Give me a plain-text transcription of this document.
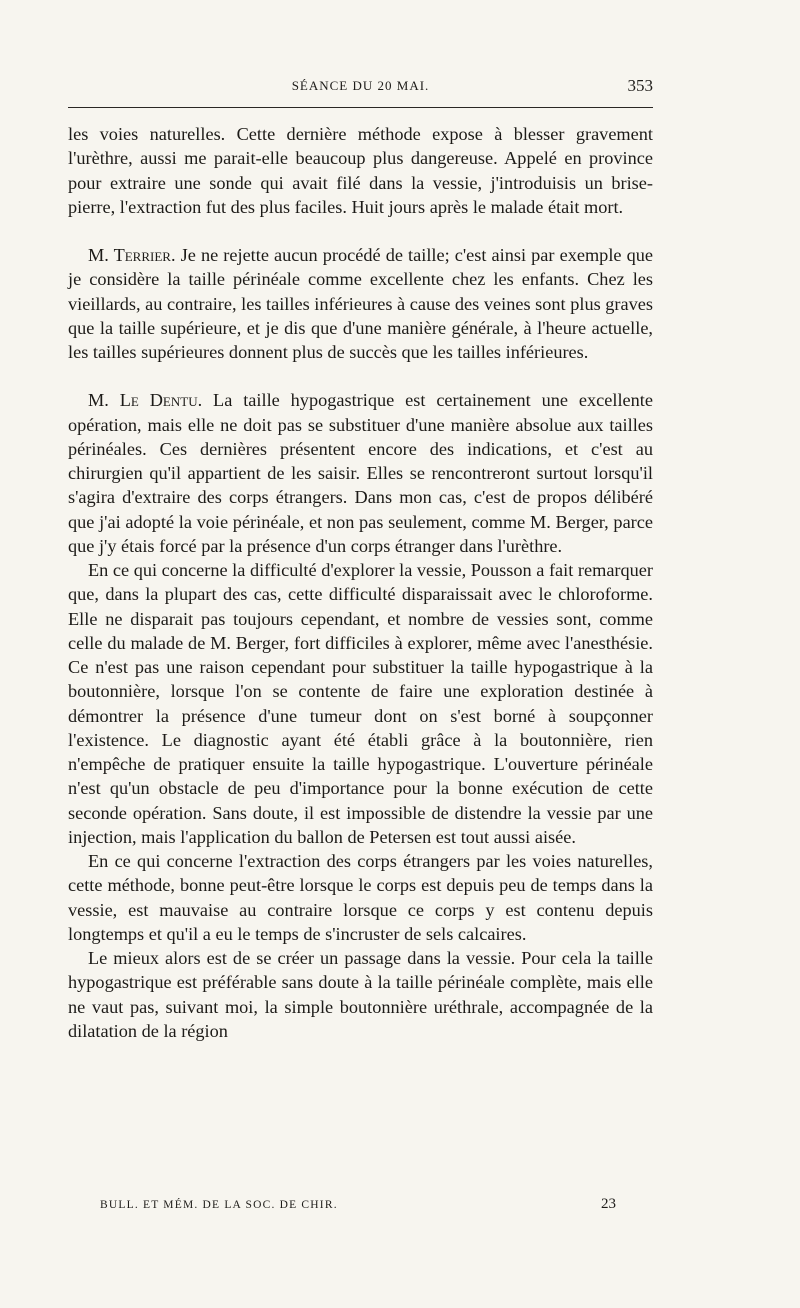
SÉANCE DU 20 MAI.	353

les voies naturelles. Cette dernière méthode expose à blesser gravement l'urèthre, aussi me parait-elle beaucoup plus dangereuse. Appelé en province pour extraire une sonde qui avait filé dans la vessie, j'introduisis un brise-pierre, l'extraction fut des plus faciles. Huit jours après le malade était mort.

M. Terrier. Je ne rejette aucun procédé de taille; c'est ainsi par exemple que je considère la taille périnéale comme excellente chez les enfants. Chez les vieillards, au contraire, les tailles inférieures à cause des veines sont plus graves que la taille supérieure, et je dis que d'une manière générale, à l'heure actuelle, les tailles supérieures donnent plus de succès que les tailles inférieures.

M. Le Dentu. La taille hypogastrique est certainement une excellente opération, mais elle ne doit pas se substituer d'une manière absolue aux tailles périnéales. Ces dernières présentent encore des indications, et c'est au chirurgien qu'il appartient de les saisir. Elles se rencontreront surtout lorsqu'il s'agira d'extraire des corps étrangers. Dans mon cas, c'est de propos délibéré que j'ai adopté la voie périnéale, et non pas seulement, comme M. Berger, parce que j'y étais forcé par la présence d'un corps étranger dans l'urèthre.

En ce qui concerne la difficulté d'explorer la vessie, Pousson a fait remarquer que, dans la plupart des cas, cette difficulté disparaissait avec le chloroforme. Elle ne disparait pas toujours cependant, et nombre de vessies sont, comme celle du malade de M. Berger, fort difficiles à explorer, même avec l'anesthésie. Ce n'est pas une raison cependant pour substituer la taille hypogastrique à la boutonnière, lorsque l'on se contente de faire une exploration destinée à démontrer la présence d'une tumeur dont on s'est borné à soupçonner l'existence. Le diagnostic ayant été établi grâce à la boutonnière, rien n'empêche de pratiquer ensuite la taille hypogastrique. L'ouverture périnéale n'est qu'un obstacle de peu d'importance pour la bonne exécution de cette seconde opération. Sans doute, il est impossible de distendre la vessie par une injection, mais l'application du ballon de Petersen est tout aussi aisée.

En ce qui concerne l'extraction des corps étrangers par les voies naturelles, cette méthode, bonne peut-être lorsque le corps est depuis peu de temps dans la vessie, est mauvaise au contraire lorsque ce corps y est contenu depuis longtemps et qu'il a eu le temps de s'incruster de sels calcaires.

Le mieux alors est de se créer un passage dans la vessie. Pour cela la taille hypogastrique est préférable sans doute à la taille périnéale complète, mais elle ne vaut pas, suivant moi, la simple boutonnière uréthrale, accompagnée de la dilatation de la région

BULL. ET MÉM. DE LA SOC. DE CHIR.	23
